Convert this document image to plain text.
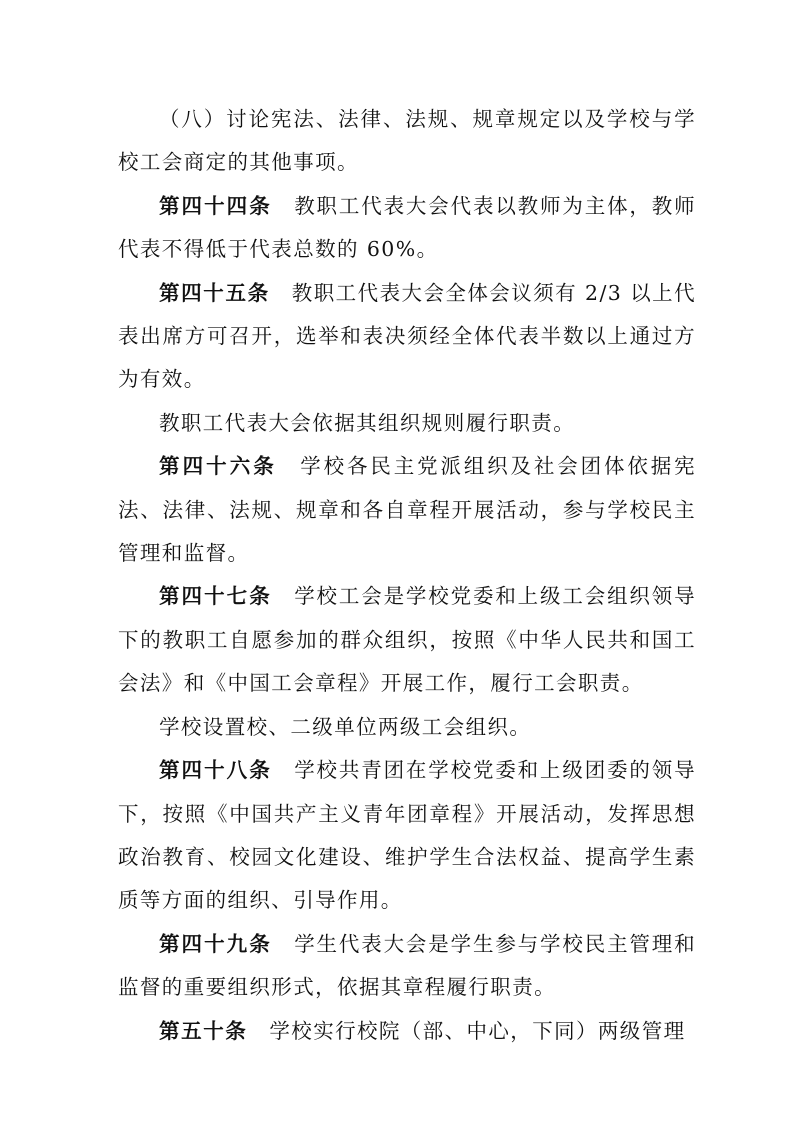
（八）讨论宪法、法律、法规、规章规定以及学校与学校工会商定的其他事项。

第四十四条 教职工代表大会代表以教师为主体，教师代表不得低于代表总数的 60%。

第四十五条 教职工代表大会全体会议须有 2/3 以上代表出席方可召开，选举和表决须经全体代表半数以上通过方为有效。

教职工代表大会依据其组织规则履行职责。

第四十六条 学校各民主党派组织及社会团体依据宪法、法律、法规、规章和各自章程开展活动，参与学校民主管理和监督。

第四十七条 学校工会是学校党委和上级工会组织领导下的教职工自愿参加的群众组织，按照《中华人民共和国工会法》和《中国工会章程》开展工作，履行工会职责。

学校设置校、二级单位两级工会组织。

第四十八条 学校共青团在学校党委和上级团委的领导下，按照《中国共产主义青年团章程》开展活动，发挥思想政治教育、校园文化建设、维护学生合法权益、提高学生素质等方面的组织、引导作用。

第四十九条 学生代表大会是学生参与学校民主管理和监督的重要组织形式，依据其章程履行职责。

第五十条 学校实行校院（部、中心，下同）两级管理
